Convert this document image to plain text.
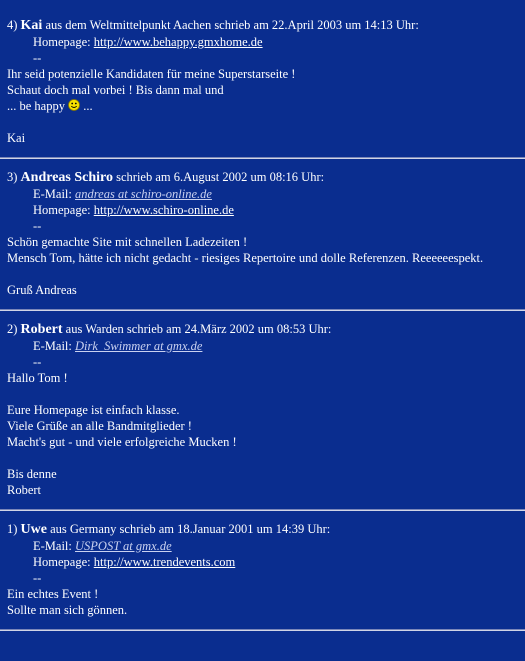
4) Kai aus dem Weltmittelpunkt Aachen schrieb am 22.April 2003 um 14:13 Uhr:
Homepage: http://www.behappy.gmxhome.de
--
Ihr seid potenzielle Kandidaten für meine Superstarseite !
Schaut doch mal vorbei ! Bis dann mal und
... be happy ...
Kai
3) Andreas Schiro schrieb am 6.August 2002 um 08:16 Uhr:
E-Mail: andreas at schiro-online.de
Homepage: http://www.schiro-online.de
--
Schön gemachte Site mit schnellen Ladezeiten !
Mensch Tom, hätte ich nicht gedacht - riesiges Repertoire und dolle Referenzen. Reeeeeespekt.
Gruß Andreas
2) Robert aus Warden schrieb am 24.März 2002 um 08:53 Uhr:
E-Mail: Dirk_Swimmer at gmx.de
--
Hallo Tom !
Eure Homepage ist einfach klasse.
Viele Grüße an alle Bandmitglieder !
Macht's gut - und viele erfolgreiche Mucken !
Bis denne
Robert
1) Uwe aus Germany schrieb am 18.Januar 2001 um 14:39 Uhr:
E-Mail: USPOST at gmx.de
Homepage: http://www.trendevents.com
--
Ein echtes Event !
Sollte man sich gönnen.
